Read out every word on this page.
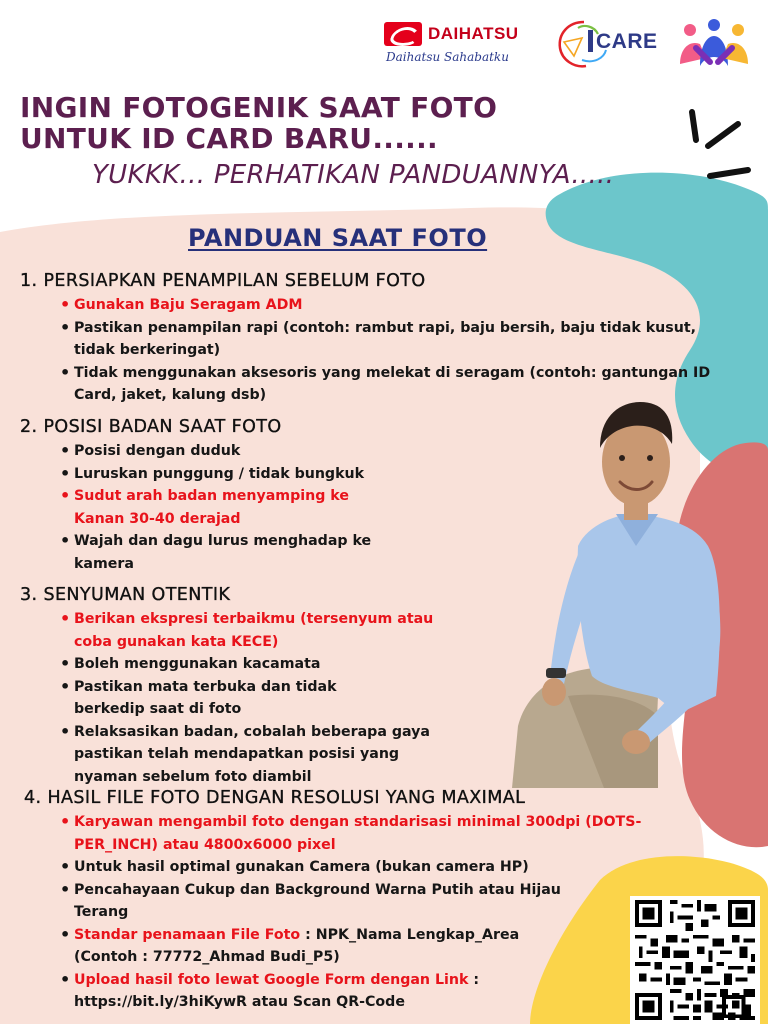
DAIHATSU
Daihatsu Sahabatku
CARE
INGIN FOTOGENIK SAAT FOTO
UNTUK ID CARD BARU......
YUKKK... PERHATIKAN PANDUANNYA.....
PANDUAN SAAT FOTO
1. PERSIAPKAN PENAMPILAN SEBELUM FOTO
• Gunakan Baju Seragam ADM
• Pastikan penampilan rapi (contoh: rambut rapi, baju bersih, baju tidak kusut, tidak berkeringat)
• Tidak menggunakan aksesoris yang melekat di seragam (contoh: gantungan ID Card, jaket, kalung dsb)
2. POSISI BADAN SAAT FOTO
• Posisi dengan duduk
• Luruskan punggung / tidak bungkuk
• Sudut arah badan menyamping ke Kanan 30-40 derajad
• Wajah dan dagu lurus menghadap ke kamera
3. SENYUMAN OTENTIK
• Berikan ekspresi terbaikmu (tersenyum atau coba gunakan kata KECE)
• Boleh menggunakan kacamata
• Pastikan mata terbuka dan tidak berkedip saat di foto
• Relaksasikan badan, cobalah beberapa gaya pastikan telah mendapatkan posisi yang nyaman sebelum foto diambil
4. HASIL FILE FOTO DENGAN RESOLUSI YANG MAXIMAL
• Karyawan mengambil foto dengan standarisasi minimal 300dpi (DOTS-PER_INCH) atau 4800x6000 pixel
• Untuk hasil optimal gunakan Camera (bukan camera HP)
• Pencahayaan Cukup dan Background Warna Putih atau Hijau Terang
• Standar penamaan File Foto : NPK_Nama Lengkap_Area
(Contoh : 77772_Ahmad Budi_P5)
• Upload hasil foto lewat Google Form dengan Link :
https://bit.ly/3hiKywR atau Scan QR-Code
